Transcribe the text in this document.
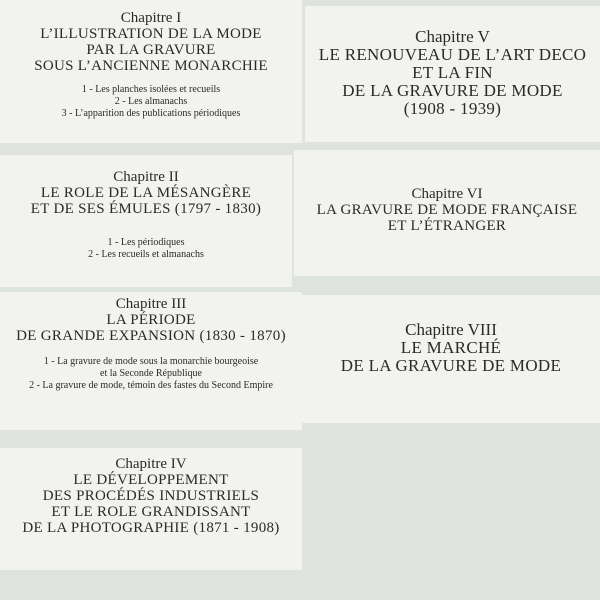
Chapitre I
L’ILLUSTRATION DE LA MODE
PAR LA GRAVURE
SOUS L’ANCIENNE MONARCHIE
1 - Les planches isolées et recueils
2 - Les almanachs
3 - L’apparition des publications périodiques
Chapitre V
LE RENOUVEAU DE L’ART DECO
ET LA FIN
DE LA GRAVURE DE MODE
(1908 - 1939)
Chapitre II
LE ROLE DE LA MÉSANGÈRE
ET DE SES ÉMULES (1797 - 1830)
1 - Les périodiques
2 - Les recueils et almanachs
Chapitre VI
LA GRAVURE DE MODE FRANÇAISE
ET L’ÉTRANGER
Chapitre III
LA PÉRIODE
DE GRANDE EXPANSION (1830 - 1870)
1 - La gravure de mode sous la monarchie bourgeoise
et la Seconde République
2 - La gravure de mode, témoin des fastes du Second Empire
Chapitre VIII
LE MARCHÉ
DE LA GRAVURE DE MODE
Chapitre IV
LE DÉVELOPPEMENT
DES PROCÉDÉS INDUSTRIELS
ET LE ROLE GRANDISSANT
DE LA PHOTOGRAPHIE (1871 - 1908)
